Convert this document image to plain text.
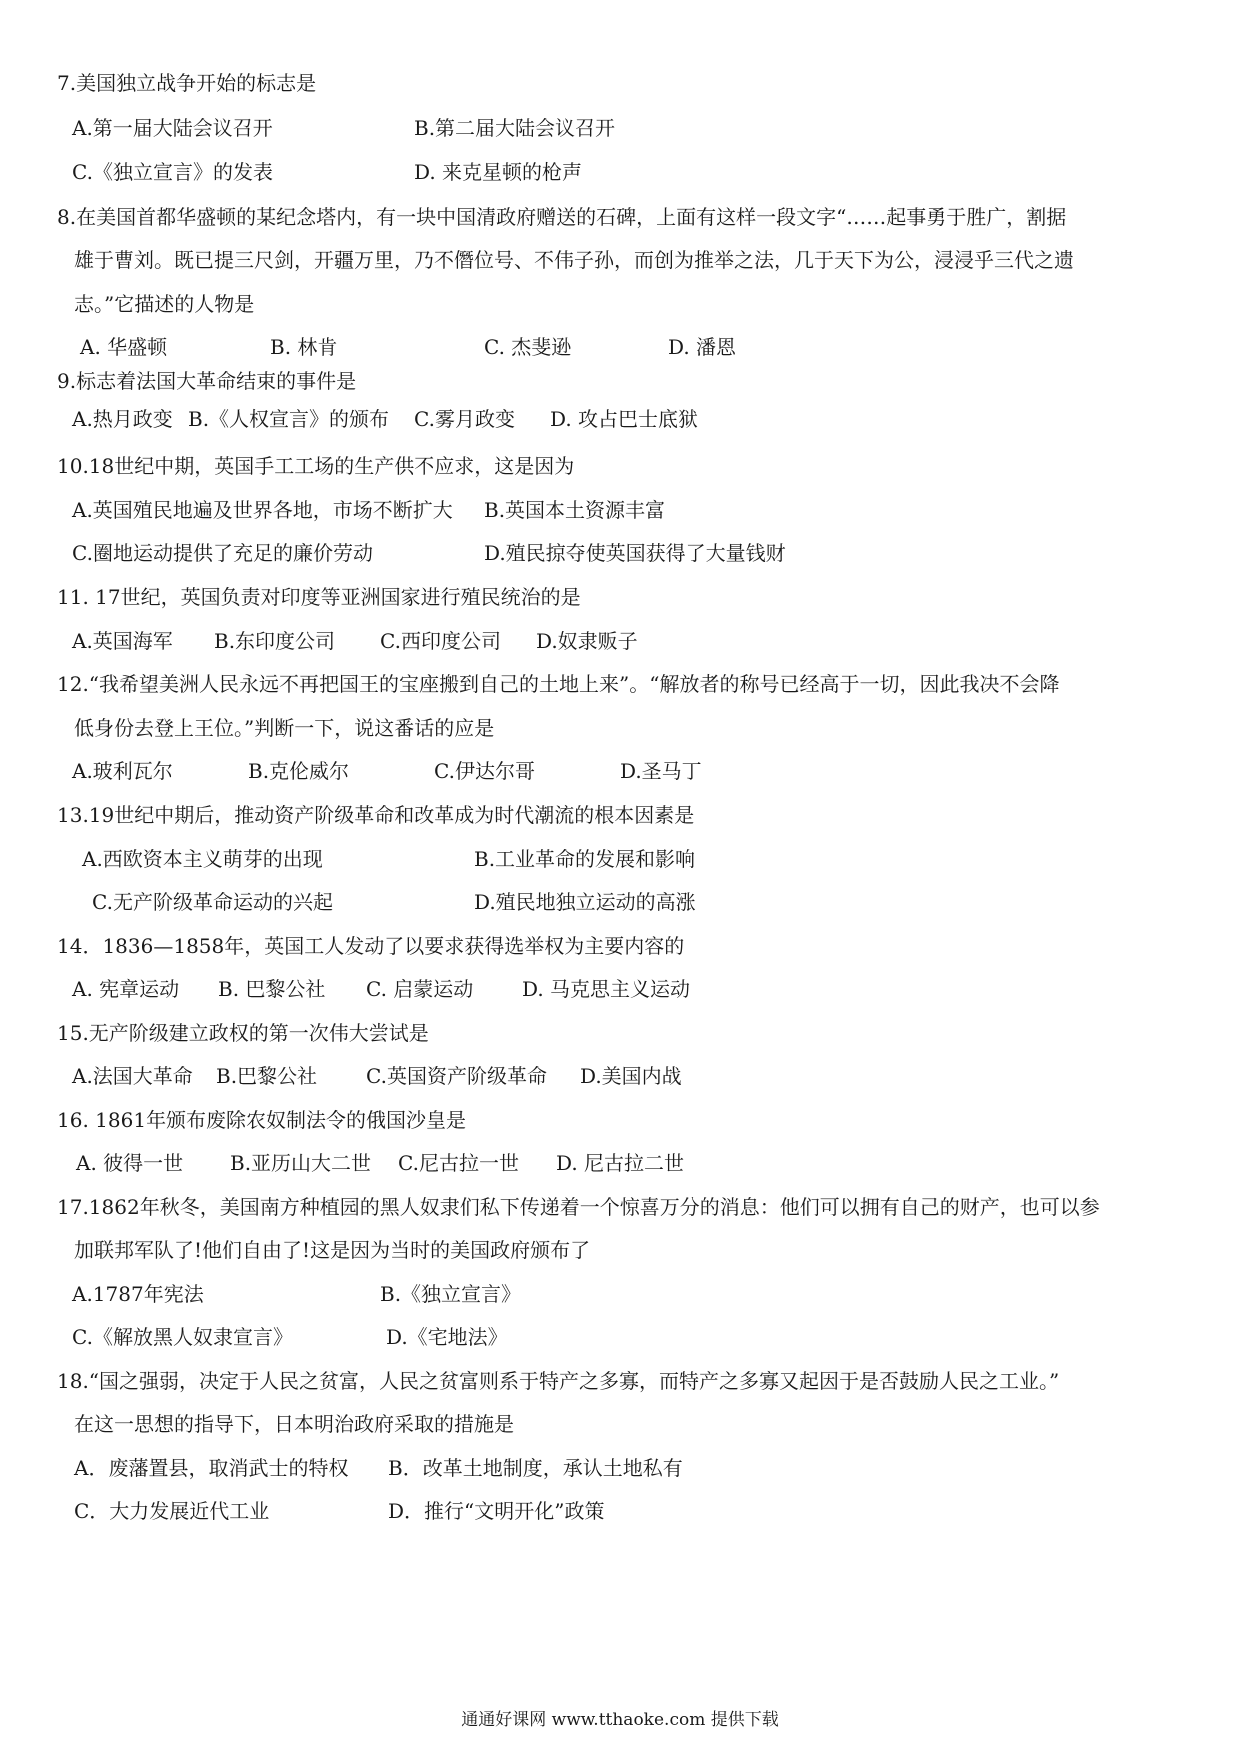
7.美国独立战争开始的标志是
A.第一届大陆会议召开	B.第二届大陆会议召开
C.《独立宣言》的发表	D. 来克星顿的枪声
8.在美国首都华盛顿的某纪念塔内，有一块中国清政府赠送的石碑，上面有这样一段文字“……起事勇于胜广，割据
雄于曹刘。既已提三尺剑，开疆万里，乃不僭位号、不伟子孙，而创为推举之法，几于天下为公，浸浸乎三代之遗
志。”它描述的人物是
A. 华盛顿	B. 林肯	C. 杰斐逊	D. 潘恩
9.标志着法国大革命结束的事件是
A.热月政变 B.《人权宣言》的颁布 C.雾月政变 D. 攻占巴士底狱
10.18世纪中期，英国手工工场的生产供不应求，这是因为
A.英国殖民地遍及世界各地，市场不断扩大 B.英国本土资源丰富
C.圈地运动提供了充足的廉价劳动	D.殖民掠夺使英国获得了大量钱财
11. 17世纪，英国负责对印度等亚洲国家进行殖民统治的是
A.英国海军 B.东印度公司 C.西印度公司 D.奴隶贩子
12.“我希望美洲人民永远不再把国王的宝座搬到自己的土地上来”。“解放者的称号已经高于一切，因此我决不会降
低身份去登上王位。”判断一下，说这番话的应是
A.玻利瓦尔	B.克伦威尔	C.伊达尔哥	D.圣马丁
13.19世纪中期后，推动资产阶级革命和改革成为时代潮流的根本因素是
A.西欧资本主义萌芽的出现	B.工业革命的发展和影响
C.无产阶级革命运动的兴起	D.殖民地独立运动的高涨
14．1836—1858年，英国工人发动了以要求获得选举权为主要内容的
A. 宪章运动 B. 巴黎公社 C. 启蒙运动 D. 马克思主义运动
15.无产阶级建立政权的第一次伟大尝试是
A.法国大革命 B.巴黎公社 C.英国资产阶级革命 D.美国内战
16. 1861年颁布废除农奴制法令的俄国沙皇是
A. 彼得一世 B.亚历山大二世 C.尼古拉一世 D. 尼古拉二世
17.1862年秋冬，美国南方种植园的黑人奴隶们私下传递着一个惊喜万分的消息：他们可以拥有自己的财产，也可以参
加联邦军队了!他们自由了!这是因为当时的美国政府颁布了
A.1787年宪法	B.《独立宣言》
C.《解放黑人奴隶宣言》	D.《宅地法》
18.“国之强弱，决定于人民之贫富，人民之贫富则系于特产之多寡，而特产之多寡又起因于是否鼓励人民之工业。”
在这一思想的指导下，日本明治政府采取的措施是
A．废藩置县，取消武士的特权 B．改革土地制度，承认土地私有
C．大力发展近代工业	D．推行“文明开化”政策
通通好课网 www.tthaoke.com 提供下载
